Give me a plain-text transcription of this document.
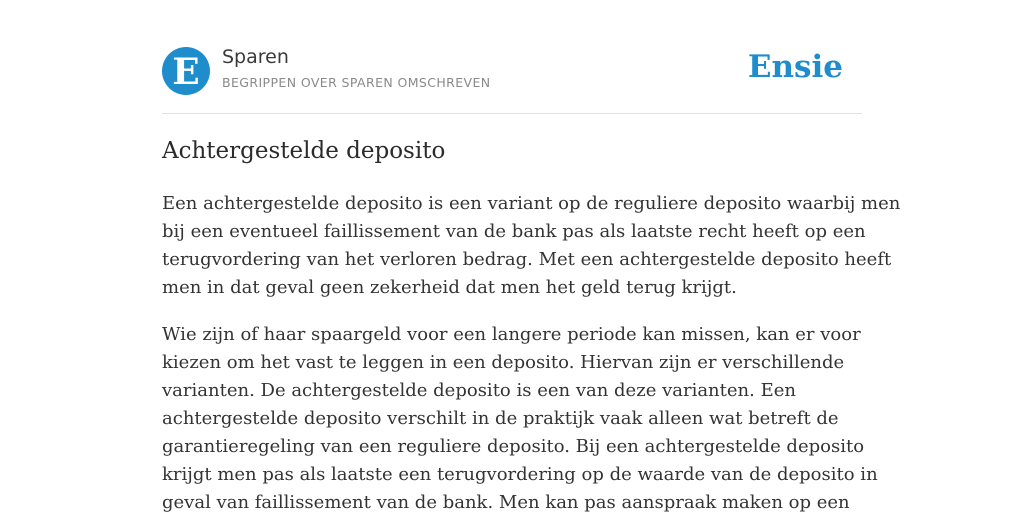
E Sparen
BEGRIPPEN OVER SPAREN OMSCHREVEN	Ensie
Achtergestelde deposito

Een achtergestelde deposito is een variant op de reguliere deposito waarbij men
bij een eventueel faillissement van de bank pas als laatste recht heeft op een
terugvordering van het verloren bedrag. Met een achtergestelde deposito heeft
men in dat geval geen zekerheid dat men het geld terug krijgt.

Wie zijn of haar spaargeld voor een langere periode kan missen, kan er voor
kiezen om het vast te leggen in een deposito. Hiervan zijn er verschillende
varianten. De achtergestelde deposito is een van deze varianten. Een
achtergestelde deposito verschilt in de praktijk vaak alleen wat betreft de
garantieregeling van een reguliere deposito. Bij een achtergestelde deposito
krijgt men pas als laatste een terugvordering op de waarde van de deposito in
geval van faillissement van de bank. Men kan pas aanspraak maken op een
